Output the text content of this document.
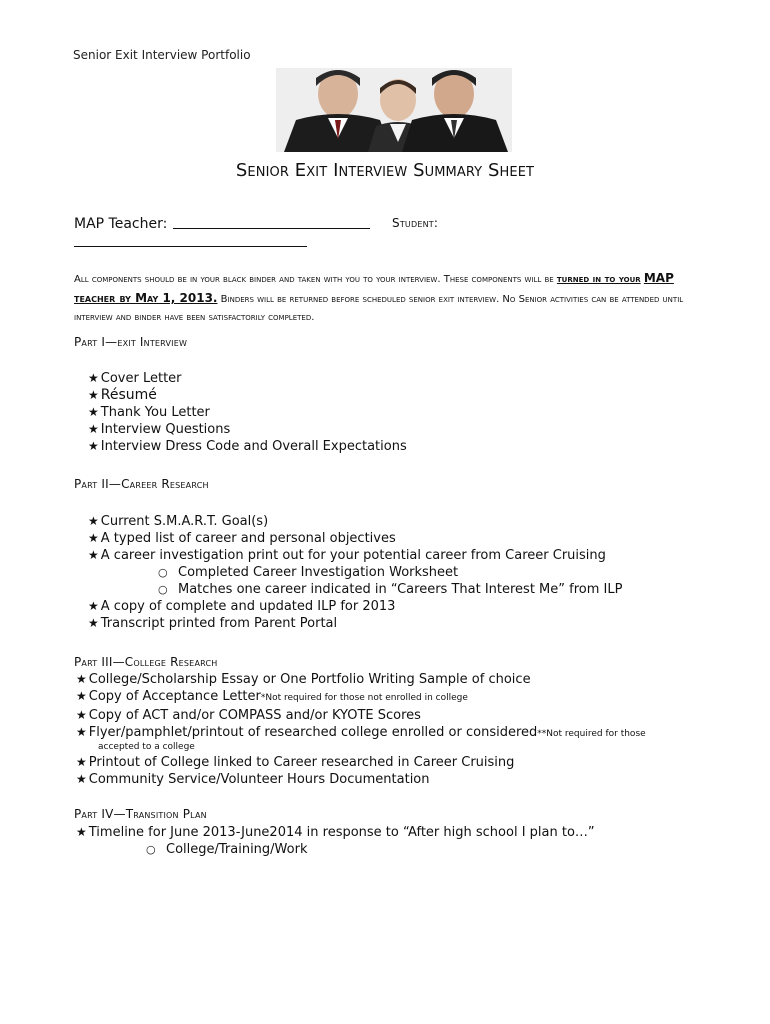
Senior Exit Interview Portfolio
Senior Exit Interview Summary Sheet
MAP Teacher:	Student:
All components should be in your black binder and taken with you to your interview. These components will be turned in to your MAP teacher by May 1, 2013. Binders will be returned before scheduled senior exit interview. No Senior activities can be attended until interview and binder have been satisfactorily completed.
Part I—exit Interview
★ Cover Letter
★ Résumé
★ Thank You Letter
★ Interview Questions
★ Interview Dress Code and Overall Expectations
Part II—Career Research
★ Current S.M.A.R.T. Goal(s)
★ A typed list of career and personal objectives
★ A career investigation print out for your potential career from Career Cruising
○ Completed Career Investigation Worksheet
○ Matches one career indicated in “Careers That Interest Me” from ILP
★ A copy of complete and updated ILP for 2013
★ Transcript printed from Parent Portal
Part III—College Research
★ College/Scholarship Essay or One Portfolio Writing Sample of choice
★ Copy of Acceptance Letter*Not required for those not enrolled in college
★ Copy of ACT and/or COMPASS and/or KYOTE Scores
★ Flyer/pamphlet/printout of researched college enrolled or considered**Not required for those
accepted to a college
★ Printout of College linked to Career researched in Career Cruising
★ Community Service/Volunteer Hours Documentation
Part IV—Transition Plan
★ Timeline for June 2013-June2014 in response to “After high school I plan to…”
○ College/Training/Work
